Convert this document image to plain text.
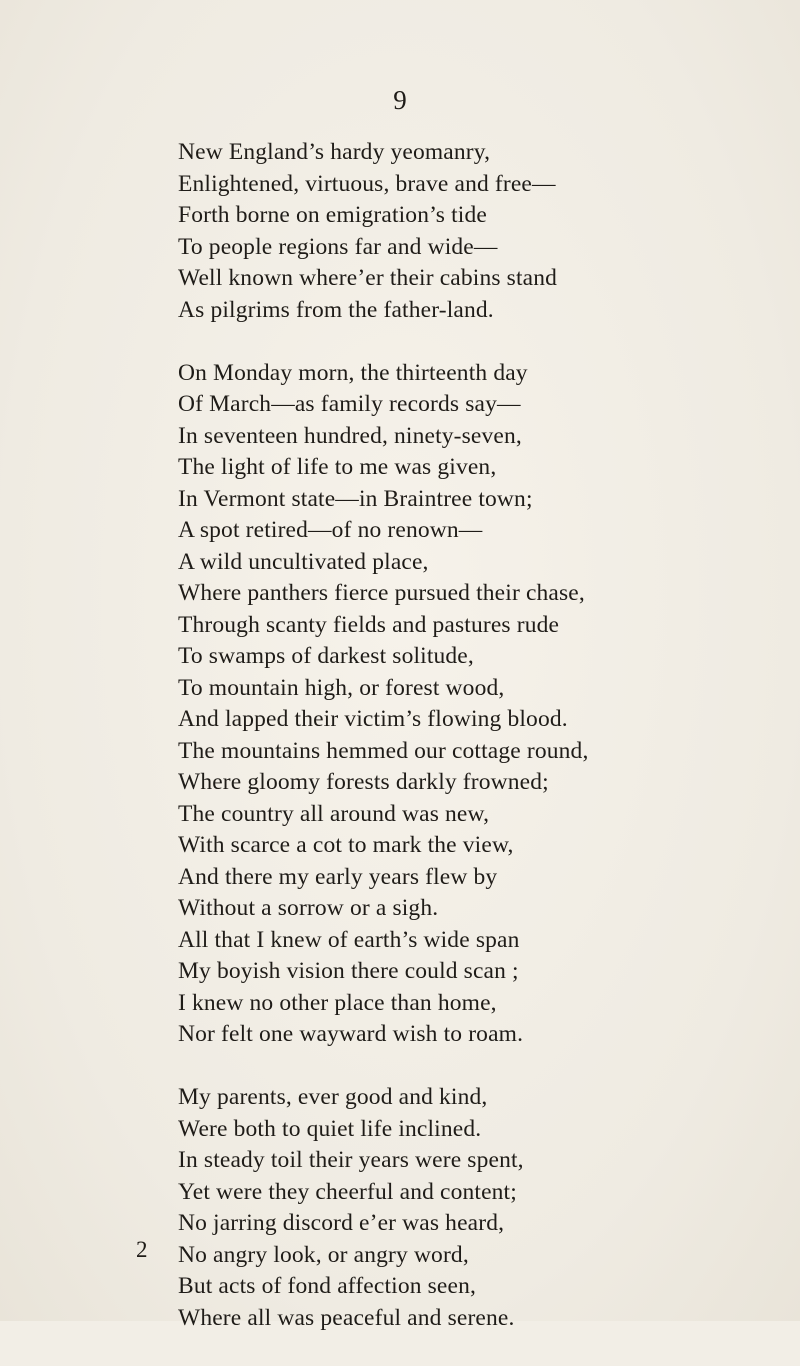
9
New England’s hardy yeomanry,
Enlightened, virtuous, brave and free—
Forth borne on emigration’s tide
To people regions far and wide—
Well known where’er their cabins stand
As pilgrims from the father-land.
On Monday morn, the thirteenth day
Of March—as family records say—
In seventeen hundred, ninety-seven,
The light of life to me was given,
In Vermont state—in Braintree town;
A spot retired—of no renown—
A wild uncultivated place,
Where panthers fierce pursued their chase,
Through scanty fields and pastures rude
To swamps of darkest solitude,
To mountain high, or forest wood,
And lapped their victim’s flowing blood.
The mountains hemmed our cottage round,
Where gloomy forests darkly frowned;
The country all around was new,
With scarce a cot to mark the view,
And there my early years flew by
Without a sorrow or a sigh.
All that I knew of earth’s wide span
My boyish vision there could scan ;
I knew no other place than home,
Nor felt one wayward wish to roam.
My parents, ever good and kind,
Were both to quiet life inclined.
In steady toil their years were spent,
Yet were they cheerful and content;
No jarring discord e’er was heard,
No angry look, or angry word,
But acts of fond affection seen,
Where all was peaceful and serene.
2
